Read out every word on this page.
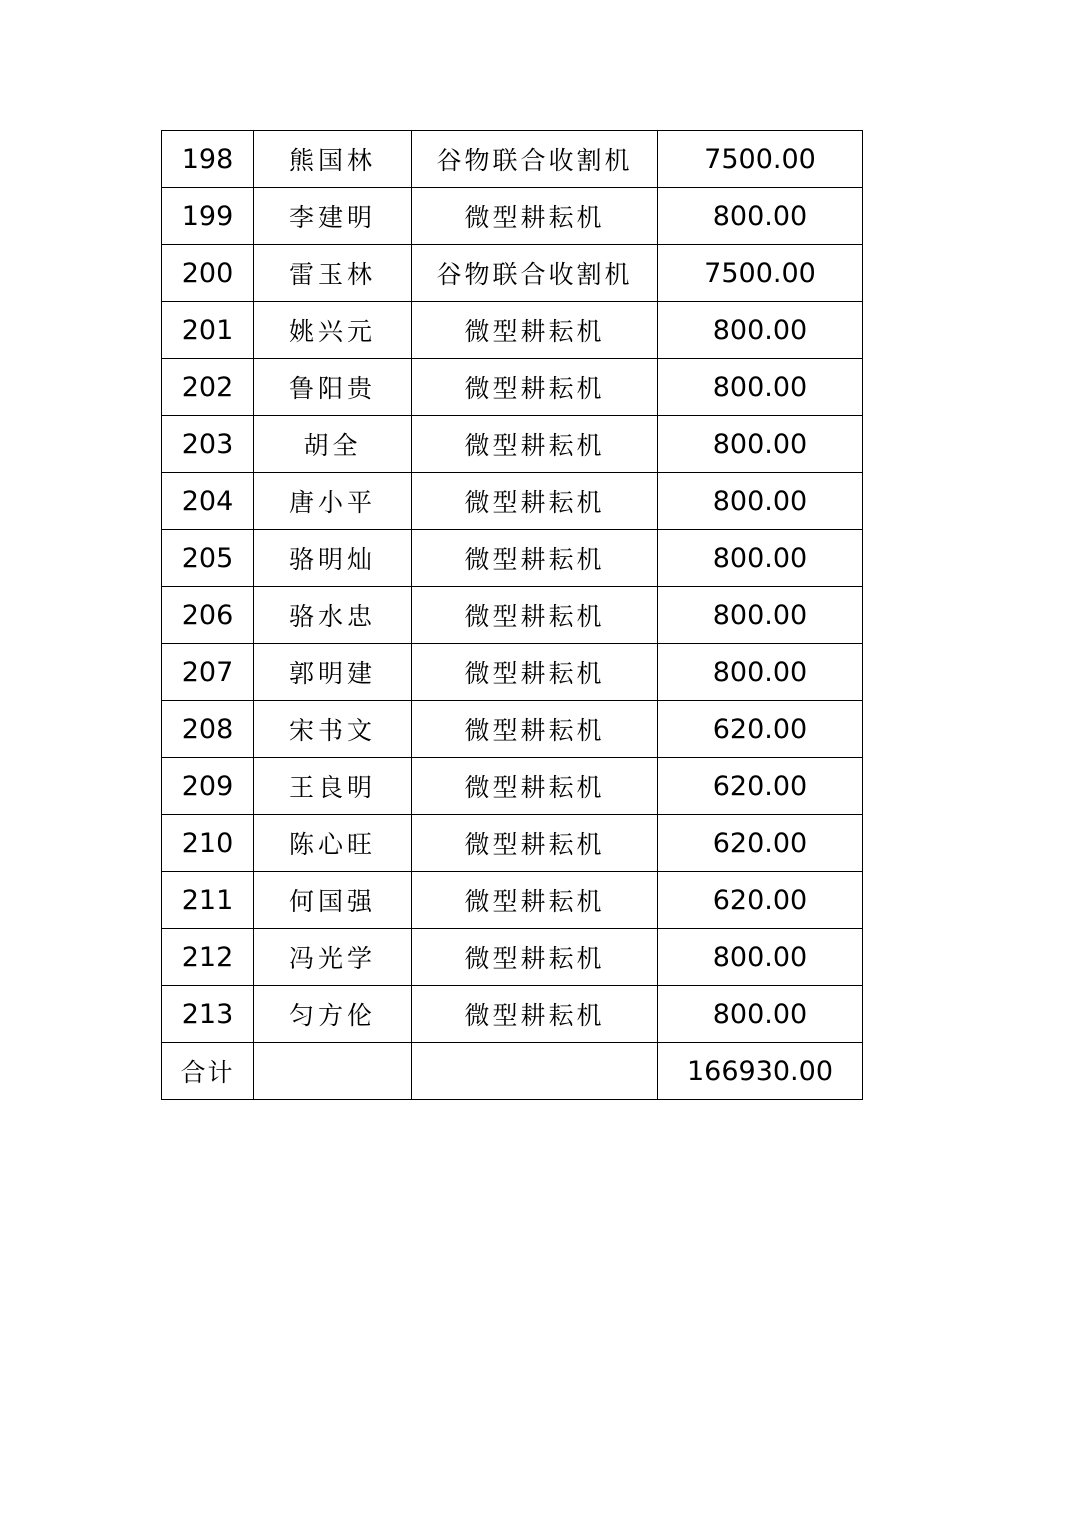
198	熊国林	谷物联合收割机	7500.00
199	李建明	微型耕耘机	800.00
200	雷玉林	谷物联合收割机	7500.00
201	姚兴元	微型耕耘机	800.00
202	鲁阳贵	微型耕耘机	800.00
203	胡全	微型耕耘机	800.00
204	唐小平	微型耕耘机	800.00
205	骆明灿	微型耕耘机	800.00
206	骆水忠	微型耕耘机	800.00
207	郭明建	微型耕耘机	800.00
208	宋书文	微型耕耘机	620.00
209	王良明	微型耕耘机	620.00
210	陈心旺	微型耕耘机	620.00
211	何国强	微型耕耘机	620.00
212	冯光学	微型耕耘机	800.00
213	匀方伦	微型耕耘机	800.00
合计			166930.00
